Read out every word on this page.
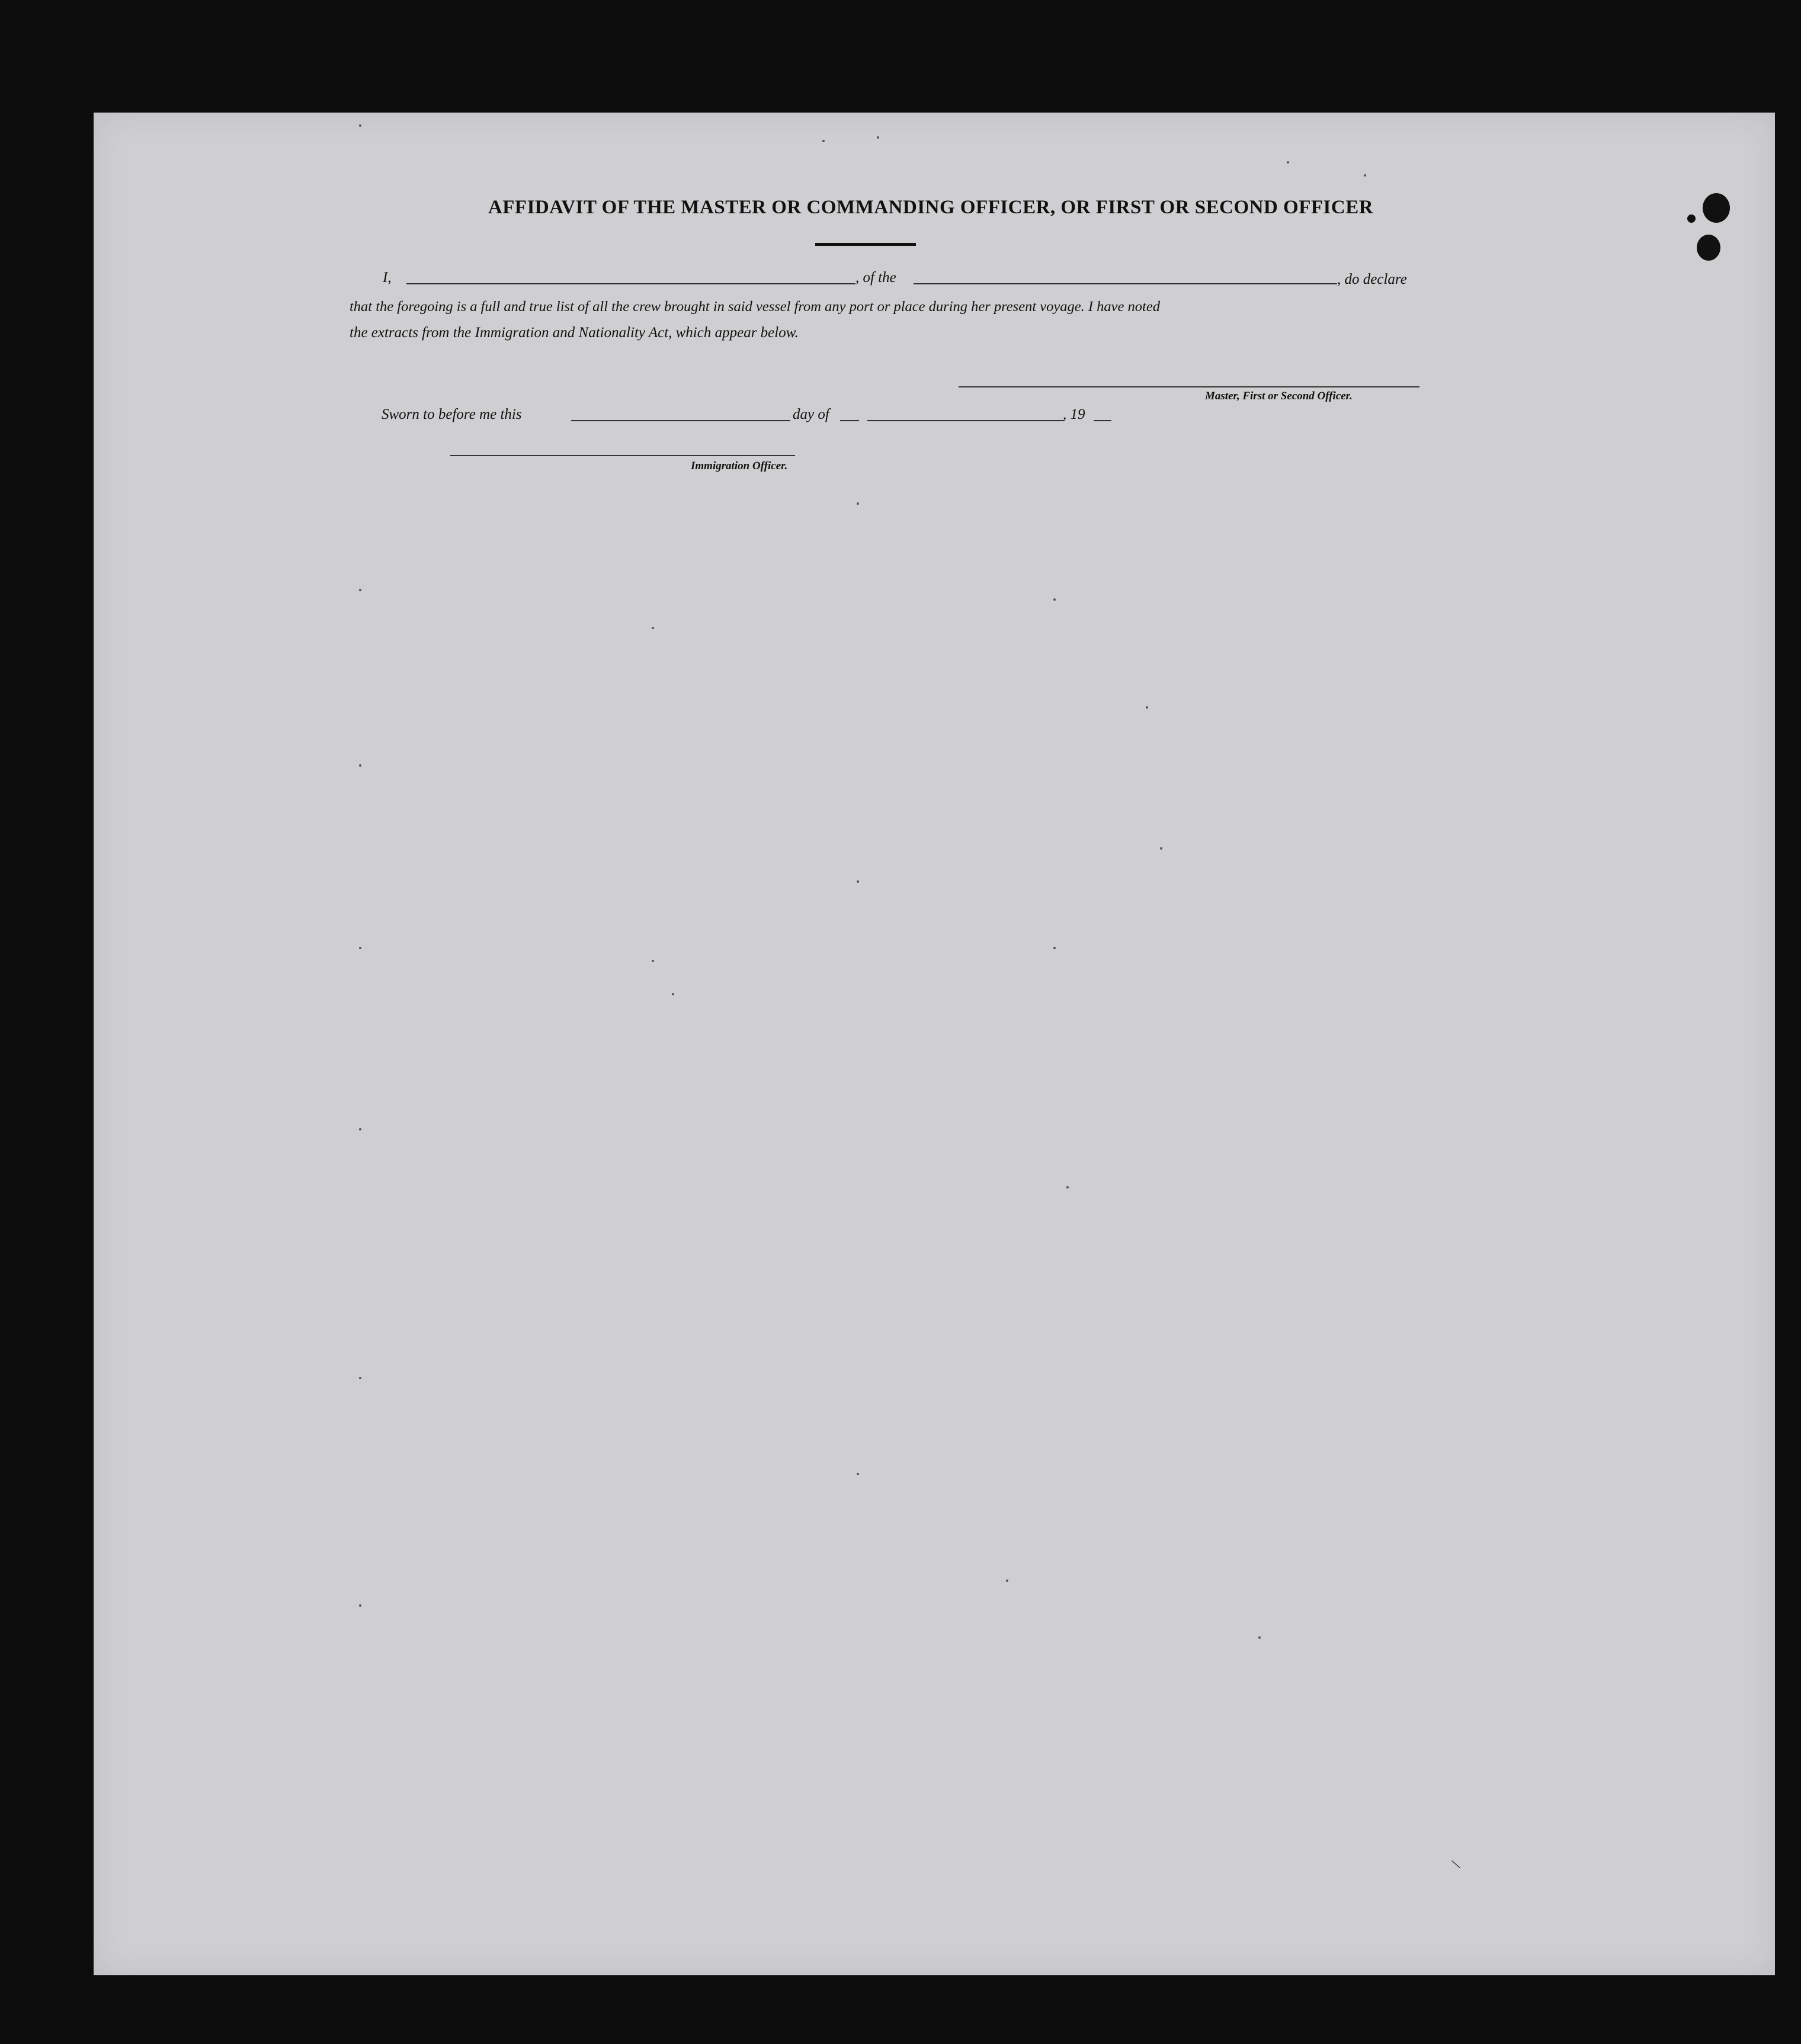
AFFIDAVIT OF THE MASTER OR COMMANDING OFFICER, OR FIRST OR SECOND OFFICER
I,	, of the	, do declare
that the foregoing is a full and true list of all the crew brought in said vessel from any port or place during her present voyage. I have noted
the extracts from the Immigration and Nationality Act, which appear below.
Master, First or Second Officer.
Sworn to before me this	day of	, 19
Immigration Officer.
\
